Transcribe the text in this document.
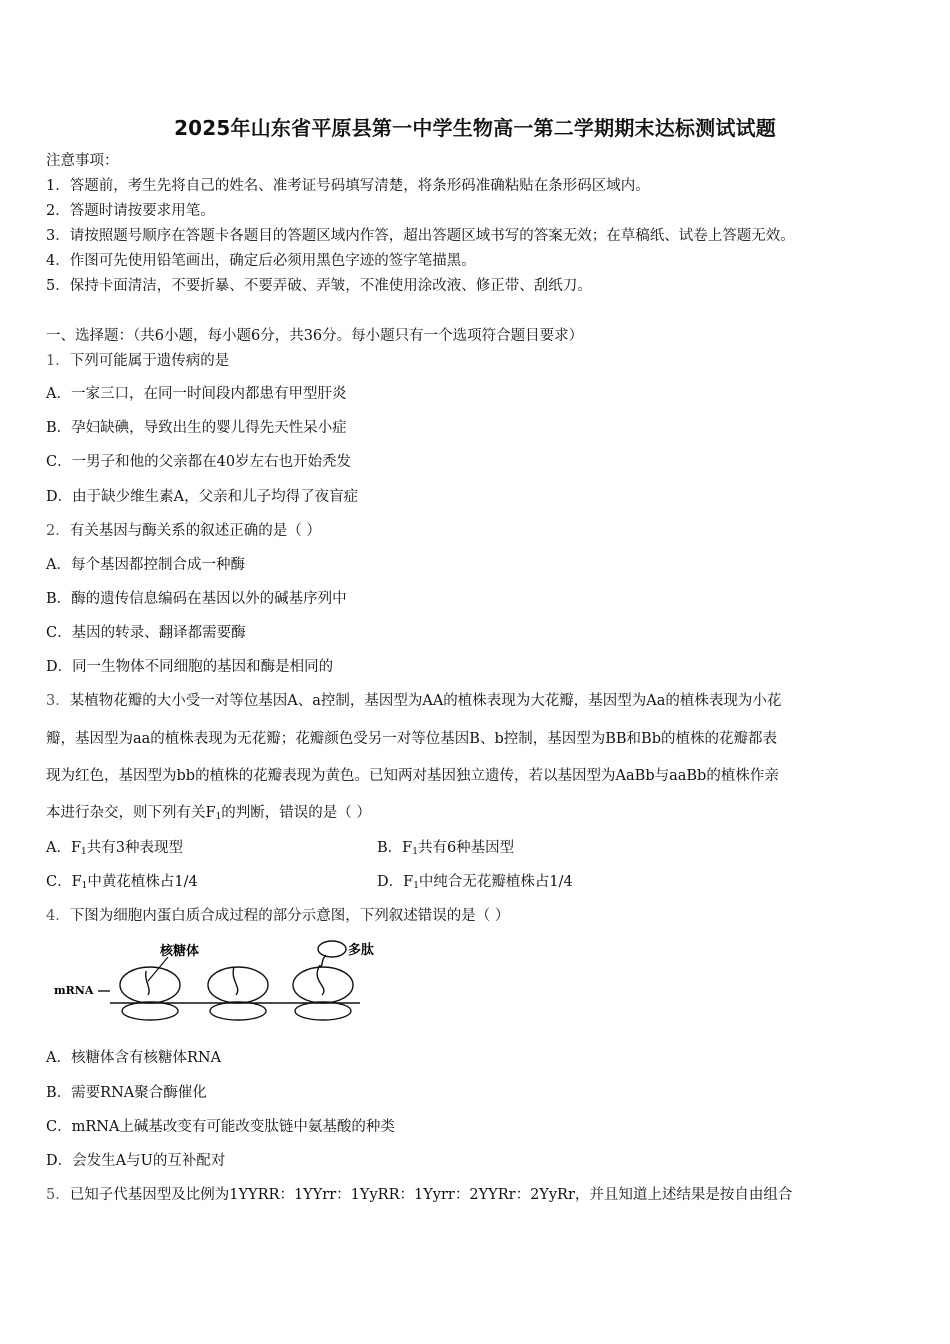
2025年山东省平原县第一中学生物高一第二学期期末达标测试试题
注意事项：
1．答题前，考生先将自己的姓名、准考证号码填写清楚，将条形码准确粘贴在条形码区域内。
2．答题时请按要求用笔。
3．请按照题号顺序在答题卡各题目的答题区域内作答，超出答题区域书写的答案无效；在草稿纸、试卷上答题无效。
4．作图可先使用铅笔画出，确定后必须用黑色字迹的签字笔描黑。
5．保持卡面清洁，不要折暴、不要弄破、弄皱，不准使用涂改液、修正带、刮纸刀。
一、选择题：（共6小题，每小题6分，共36分。每小题只有一个选项符合题目要求）
1．下列可能属于遗传病的是
A．一家三口，在同一时间段内都患有甲型肝炎
B．孕妇缺碘，导致出生的婴儿得先天性呆小症
C．一男子和他的父亲都在40岁左右也开始秃发
D．由于缺少维生素A，父亲和儿子均得了夜盲症
2．有关基因与酶关系的叙述正确的是（ ）
A．每个基因都控制合成一种酶
B．酶的遗传信息编码在基因以外的碱基序列中
C．基因的转录、翻译都需要酶
D．同一生物体不同细胞的基因和酶是相同的
3．某植物花瓣的大小受一对等位基因A、a控制，基因型为AA的植株表现为大花瓣，基因型为Aa的植株表现为小花
瓣，基因型为aa的植株表现为无花瓣；花瓣颜色受另一对等位基因B、b控制，基因型为BB和Bb的植株的花瓣都表
现为红色，基因型为bb的植株的花瓣表现为黄色。已知两对基因独立遗传，若以基因型为AaBb与aaBb的植株作亲
本进行杂交，则下列有关$F_1$的判断，错误的是（ ）
A．$F_1$共有3种表现型	B．$F_1$共有6种基因型
C．$F_1$中黄花植株占1/4	D．$F_1$中纯合无花瓣植株占1/4
4．下图为细胞内蛋白质合成过程的部分示意图，下列叙述错误的是（ ）
核糖体	多肽
mRNA
A．核糖体含有核糖体RNA
B．需要RNA聚合酶催化
C．mRNA上碱基改变有可能改变肽链中氨基酸的种类
D．会发生A与U的互补配对
5．已知子代基因型及比例为1YYRR：1YYrr：1YyRR：1Yyrr：2YYRr：2YyRr，并且知道上述结果是按自由组合
